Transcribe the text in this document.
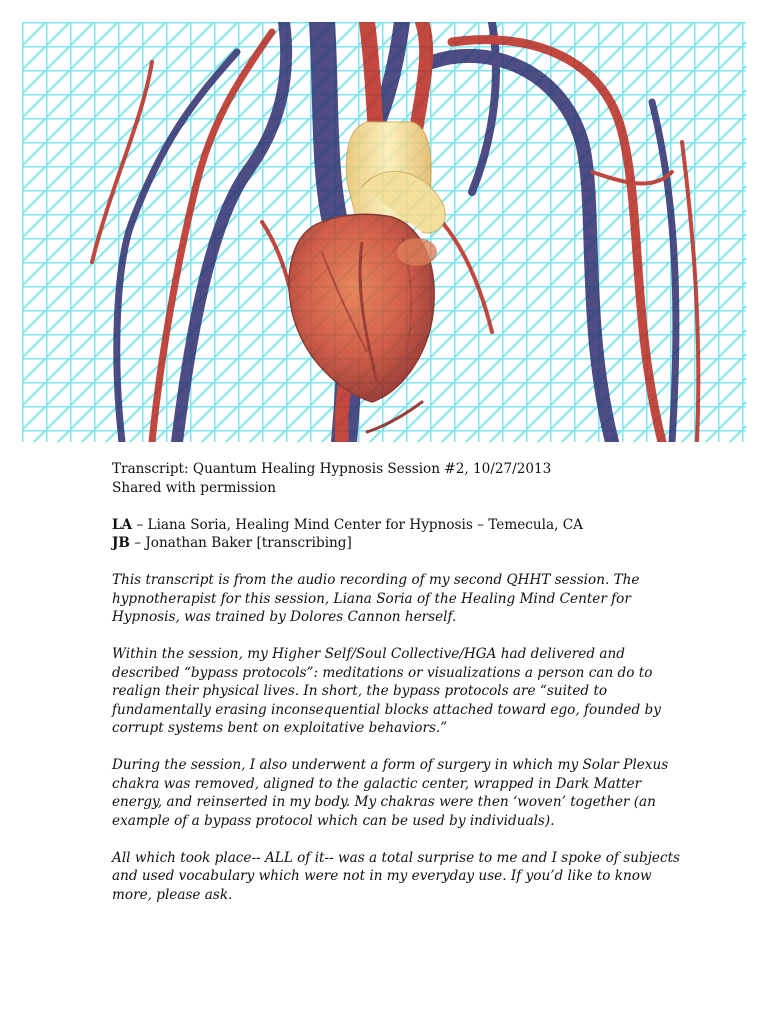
Transcript: Quantum Healing Hypnosis Session #2, 10/27/2013
Shared with permission

LA – Liana Soria, Healing Mind Center for Hypnosis – Temecula, CA
JB – Jonathan Baker [transcribing]

This transcript is from the audio recording of my second QHHT session. The hypnotherapist for this session, Liana Soria of the Healing Mind Center for Hypnosis, was trained by Dolores Cannon herself.

Within the session, my Higher Self/Soul Collective/HGA had delivered and described “bypass protocols”: meditations or visualizations a person can do to realign their physical lives. In short, the bypass protocols are “suited to fundamentally erasing inconsequential blocks attached toward ego, founded by corrupt systems bent on exploitative behaviors.”

During the session, I also underwent a form of surgery in which my Solar Plexus chakra was removed, aligned to the galactic center, wrapped in Dark Matter energy, and reinserted in my body. My chakras were then ‘woven’ together (an example of a bypass protocol which can be used by individuals).

All which took place-- ALL of it-- was a total surprise to me and I spoke of subjects and used vocabulary which were not in my everyday use. If you’d like to know more, please ask.
